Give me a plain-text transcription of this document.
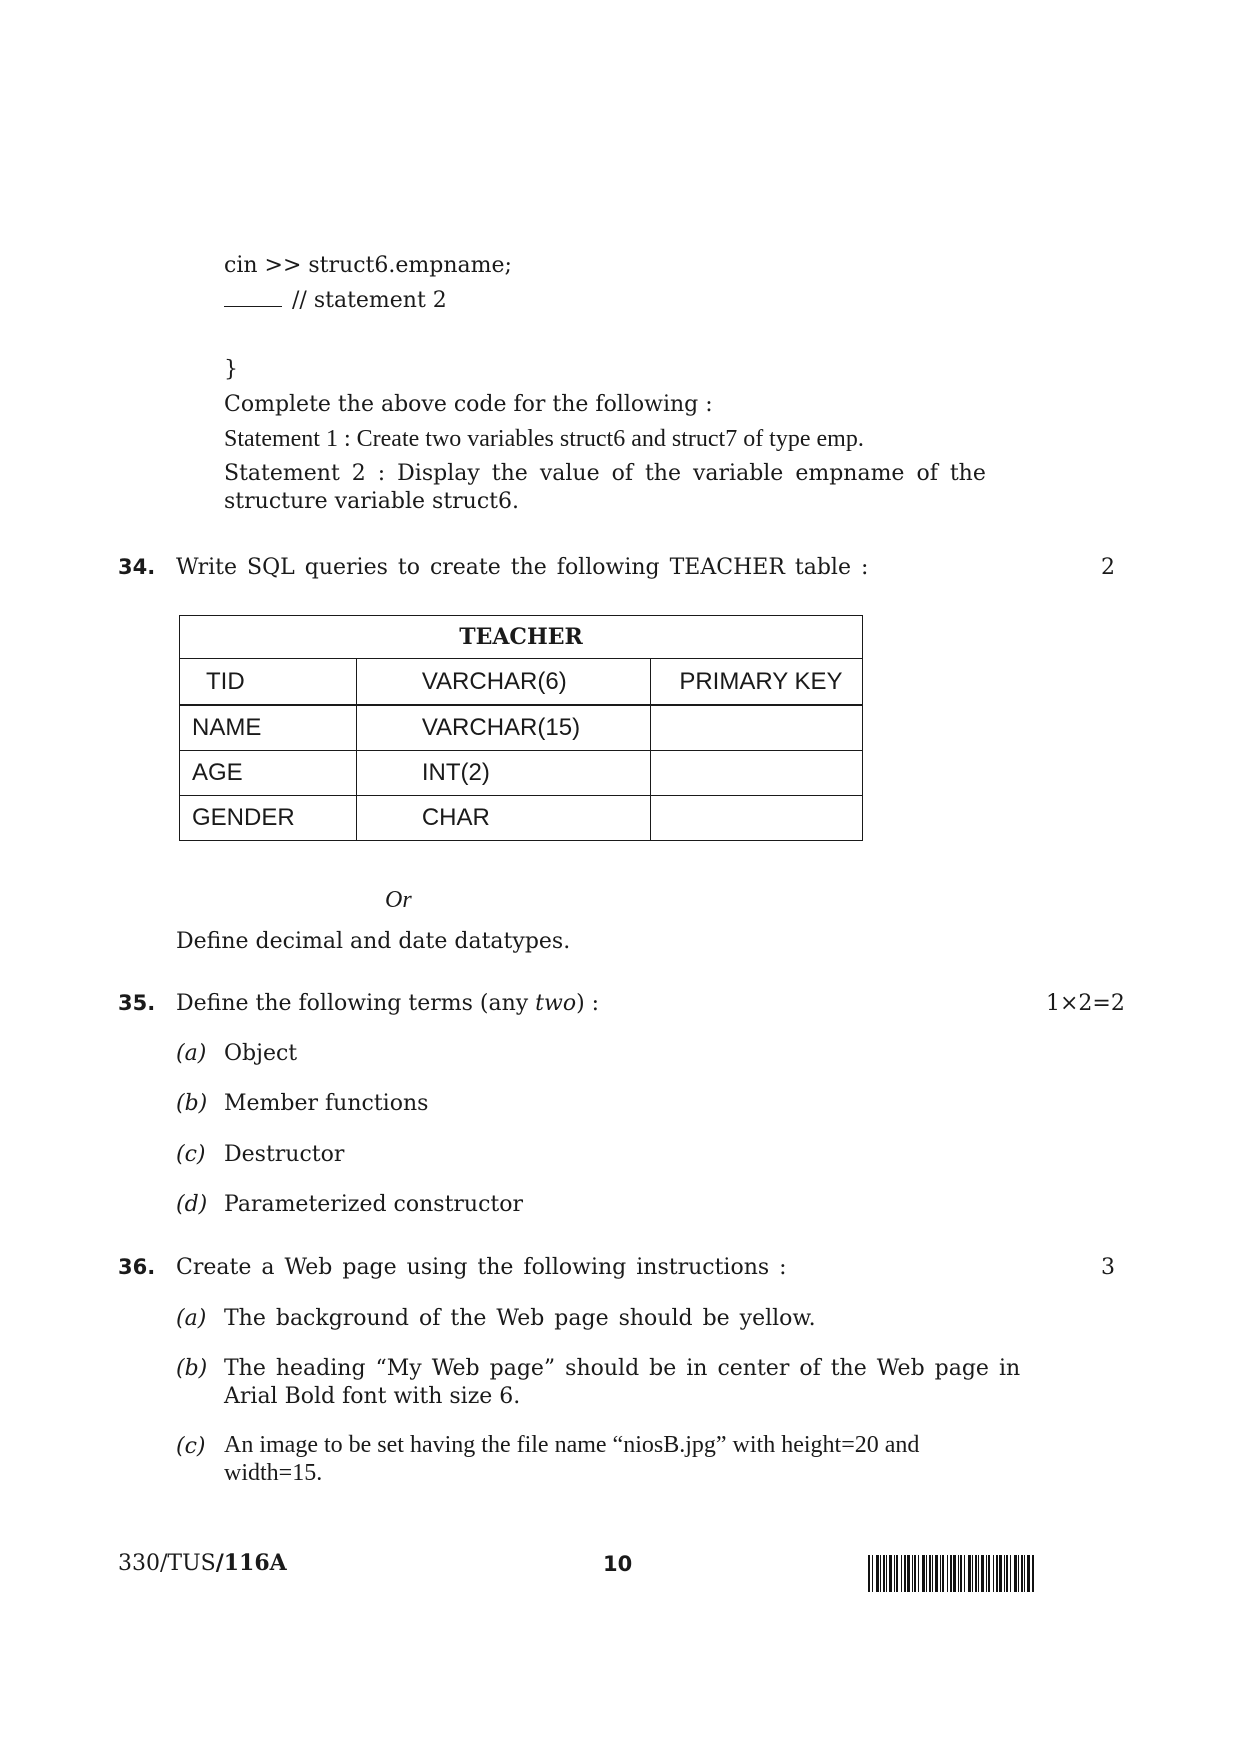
cin >> struct6.empname;
// statement 2
}
Complete the above code for the following :
Statement 1 : Create two variables struct6 and struct7 of type emp.
Statement 2 : Display the value of the variable empname of the
structure variable struct6.
34. Write SQL queries to create the following TEACHER table :	2
TEACHER		
TID	VARCHAR(6)	PRIMARY KEY
NAME	VARCHAR(15)	
AGE	INT(2)	
GENDER	CHAR	
Or
Define decimal and date datatypes.
35. Define the following terms (any two) :	1×2=2
(a) Object
(b) Member functions
(c) Destructor
(d) Parameterized constructor
36. Create a Web page using the following instructions :	3
(a) The background of the Web page should be yellow.
(b) The heading “My Web page” should be in center of the Web page in
Arial Bold font with size 6.
(c) An image to be set having the file name “niosB.jpg” with height=20 and
width=15.
330/TUS/116A	10
